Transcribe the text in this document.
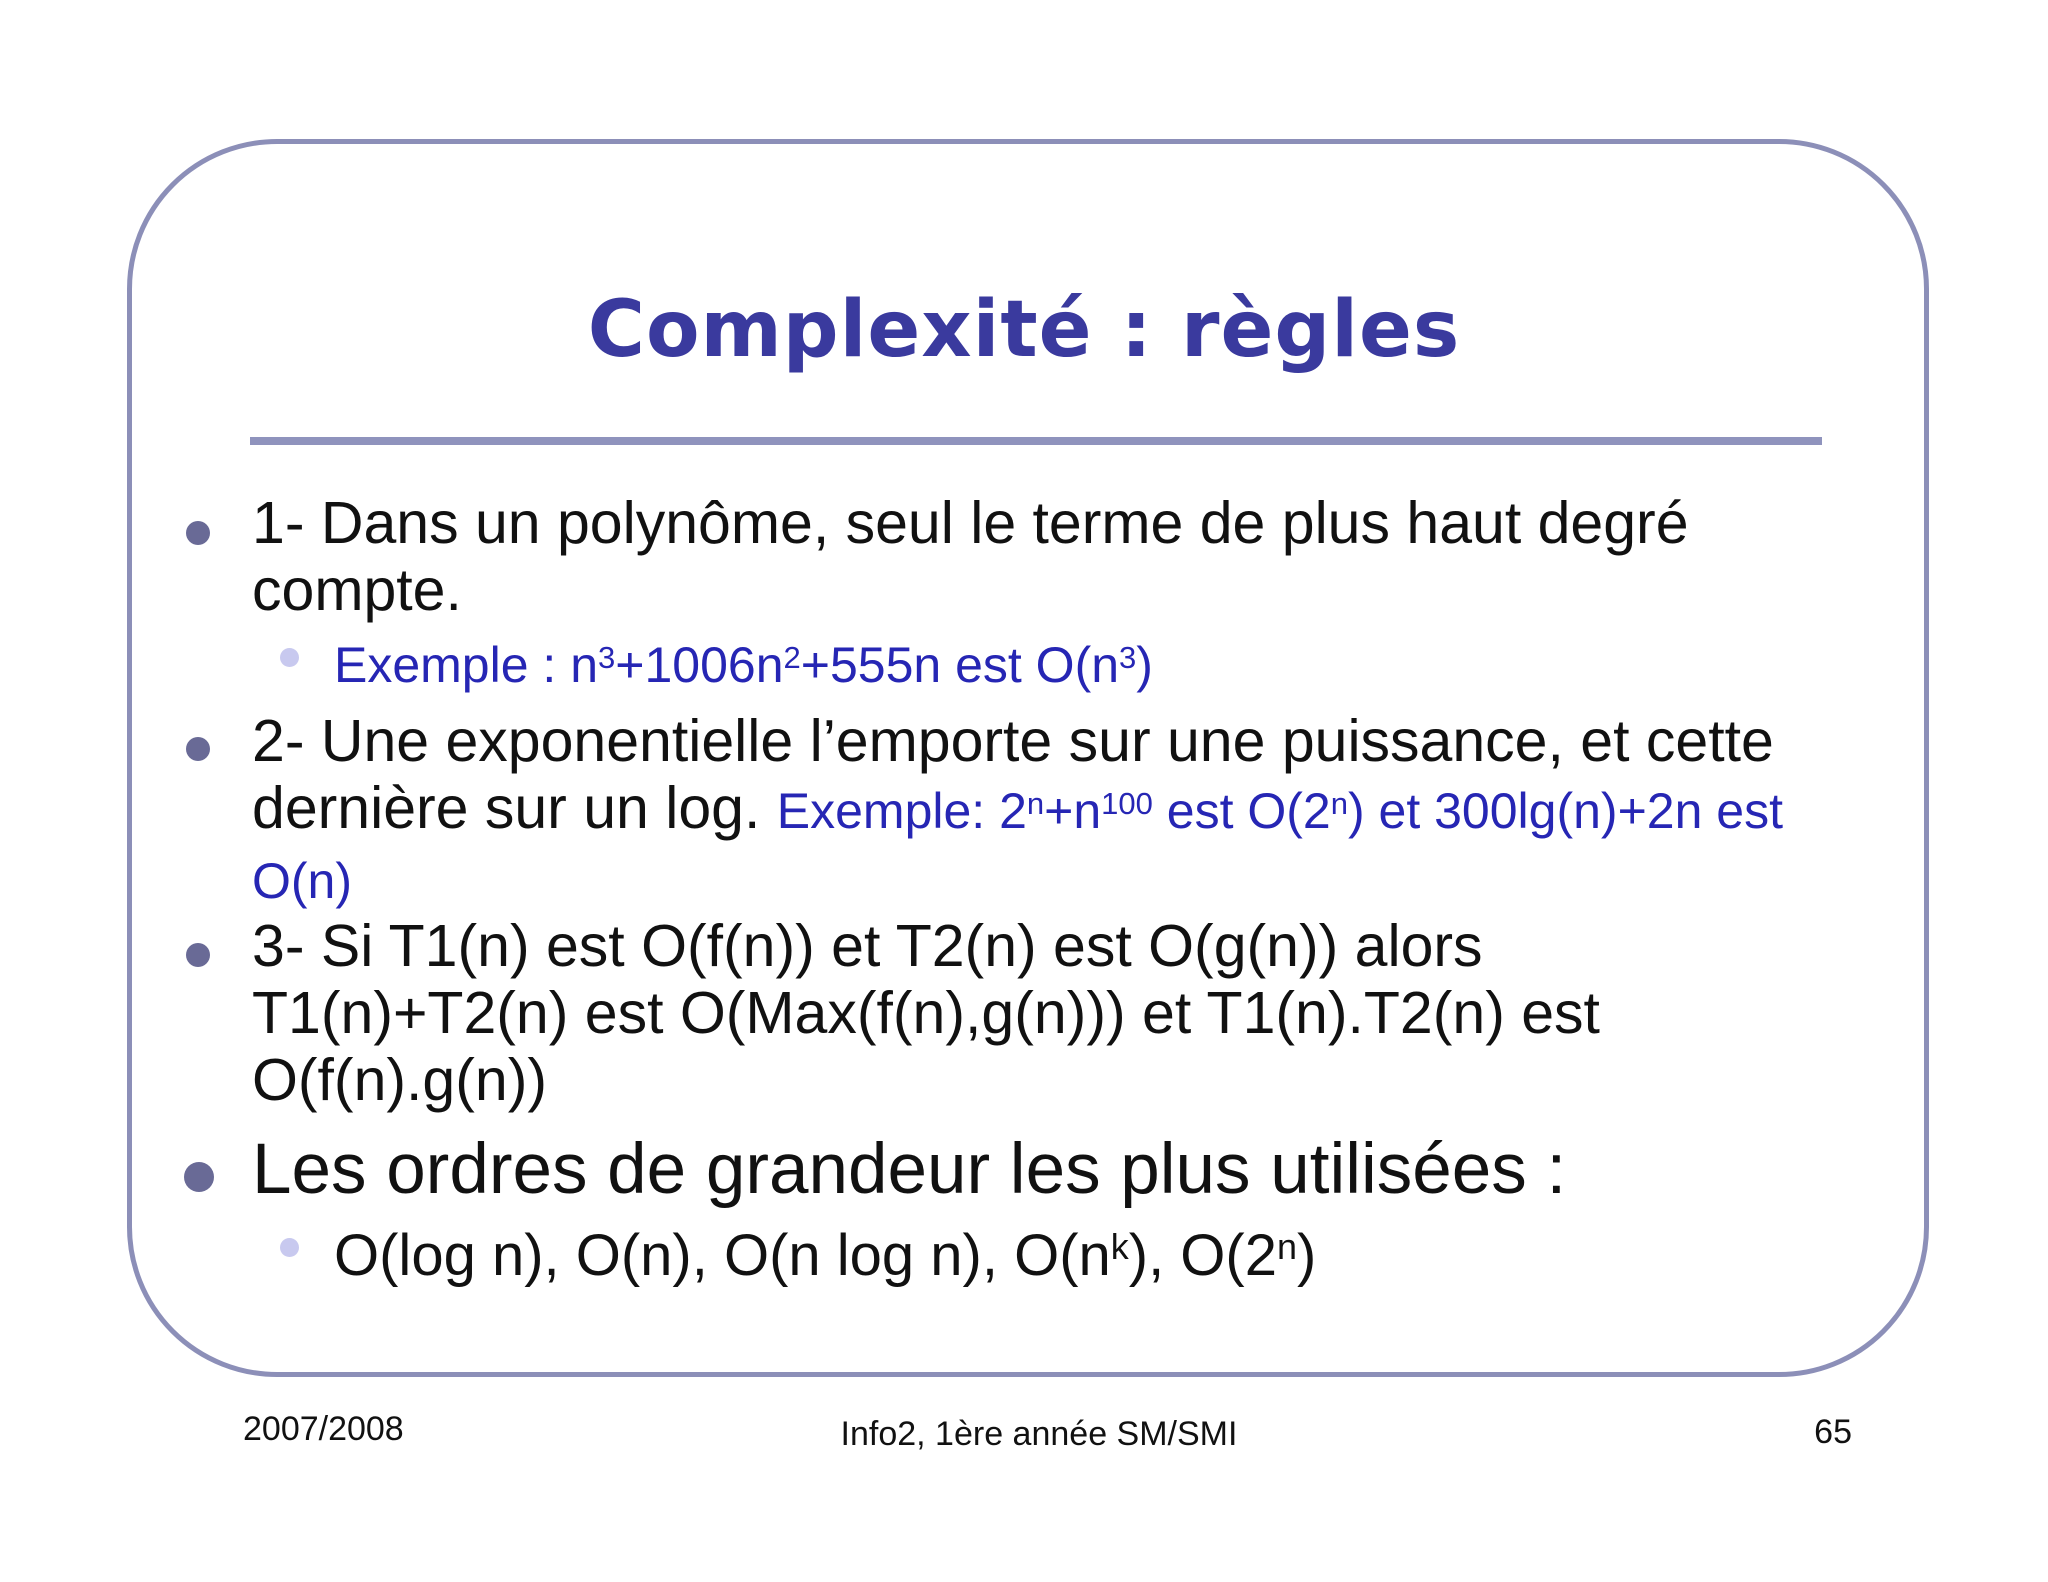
Complexité : règles
1- Dans un polynôme, seul le terme de plus haut degré compte.
Exemple : $n^3+1006n^2+555n$ est $O(n^3)$
2- Une exponentielle l’emporte sur une puissance, et cette dernière sur un log. Exemple: $2^n+n^{100}$ est O(2$^n$) et 300lg(n)+2n est O(n)
3- Si T1(n) est O(f(n)) et T2(n) est O(g(n)) alors T1(n)+T2(n) est O(Max(f(n),g(n))) et T1(n).T2(n) est O(f(n).g(n))
Les ordres de grandeur les plus utilisées :
O(log n), O(n), O(n log n), $O(n^k)$, O(2$^n$)
2007/2008	Info2, 1ère année SM/SMI	65
